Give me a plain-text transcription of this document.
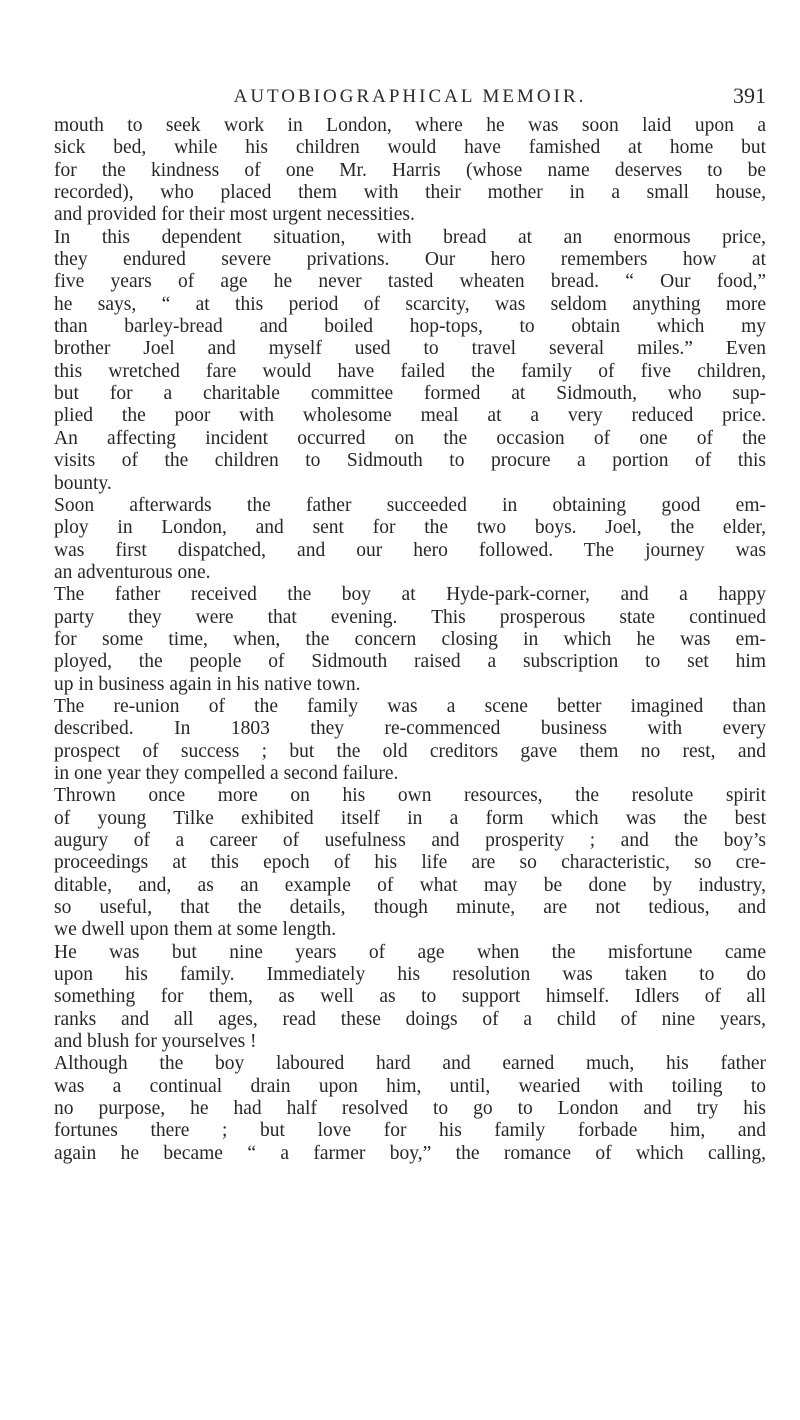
AUTOBIOGRAPHICAL MEMOIR.	391
mouth to seek work in London, where he was soon laid upon a
sick bed, while his children would have famished at home but
for the kindness of one Mr. Harris (whose name deserves to be
recorded), who placed them with their mother in a small house,
and provided for their most urgent necessities.
In this dependent situation, with bread at an enormous price,
they endured severe privations. Our hero remembers how at
five years of age he never tasted wheaten bread. “ Our food,”
he says, “ at this period of scarcity, was seldom anything more
than barley-bread and boiled hop-tops, to obtain which my
brother Joel and myself used to travel several miles.” Even
this wretched fare would have failed the family of five children,
but for a charitable committee formed at Sidmouth, who sup-
plied the poor with wholesome meal at a very reduced price.
An affecting incident occurred on the occasion of one of the
visits of the children to Sidmouth to procure a portion of this
bounty.
Soon afterwards the father succeeded in obtaining good em-
ploy in London, and sent for the two boys. Joel, the elder,
was first dispatched, and our hero followed. The journey was
an adventurous one.
The father received the boy at Hyde-park-corner, and a happy
party they were that evening. This prosperous state continued
for some time, when, the concern closing in which he was em-
ployed, the people of Sidmouth raised a subscription to set him
up in business again in his native town.
The re-union of the family was a scene better imagined than
described. In 1803 they re-commenced business with every
prospect of success ; but the old creditors gave them no rest, and
in one year they compelled a second failure.
Thrown once more on his own resources, the resolute spirit
of young Tilke exhibited itself in a form which was the best
augury of a career of usefulness and prosperity ; and the boy’s
proceedings at this epoch of his life are so characteristic, so cre-
ditable, and, as an example of what may be done by industry,
so useful, that the details, though minute, are not tedious, and
we dwell upon them at some length.
He was but nine years of age when the misfortune came
upon his family. Immediately his resolution was taken to do
something for them, as well as to support himself. Idlers of all
ranks and all ages, read these doings of a child of nine years,
and blush for yourselves !
Although the boy laboured hard and earned much, his father
was a continual drain upon him, until, wearied with toiling to
no purpose, he had half resolved to go to London and try his
fortunes there ; but love for his family forbade him, and
again he became “ a farmer boy,” the romance of which calling,
